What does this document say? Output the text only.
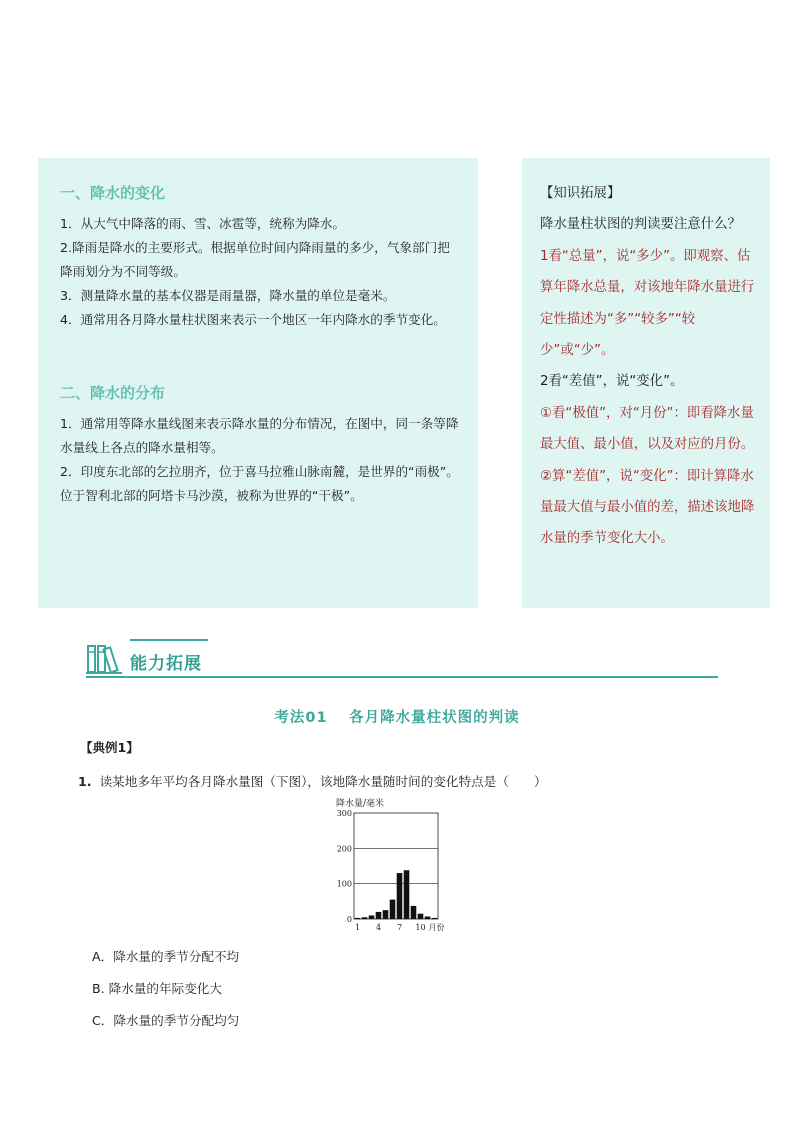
一、降水的变化
1．从大气中降落的雨、雪、冰雹等，统称为降水。
2.降雨是降水的主要形式。根据单位时间内降雨量的多少，气象部门把降雨划分为不同等级。
3．测量降水量的基本仪器是雨量器，降水量的单位是毫米。
4．通常用各月降水量柱状图来表示一个地区一年内降水的季节变化。
二、降水的分布
1．通常用等降水量线图来表示降水量的分布情况，在图中，同一条等降水量线上各点的降水量相等。
2．印度东北部的乞拉朋齐，位于喜马拉雅山脉南麓，是世界的“雨极”。位于智利北部的阿塔卡马沙漠，被称为世界的“干极”。
【知识拓展】
降水量柱状图的判读要注意什么？
1看“总量”，说“多少”。即观察、估算年降水总量，对该地年降水量进行定性描述为“多”“较多”“较少”或“少”。
2看“差值”，说“变化”。
①看“极值”，对“月份”：即看降水量最大值、最小值，以及对应的月份。
②算“差值”，说“变化”：即计算降水量最大值与最小值的差，描述该地降水量的季节变化大小。
能力拓展
考法01　 各月降水量柱状图的判读
【典例1】
1. 读某地多年平均各月降水量图（下图），该地降水量随时间的变化特点是（　　）
降水量/毫米
0
100
200
300
1 4 7 10 月份
A．降水量的季节分配不均
B. 降水量的年际变化大
C．降水量的季节分配均匀
